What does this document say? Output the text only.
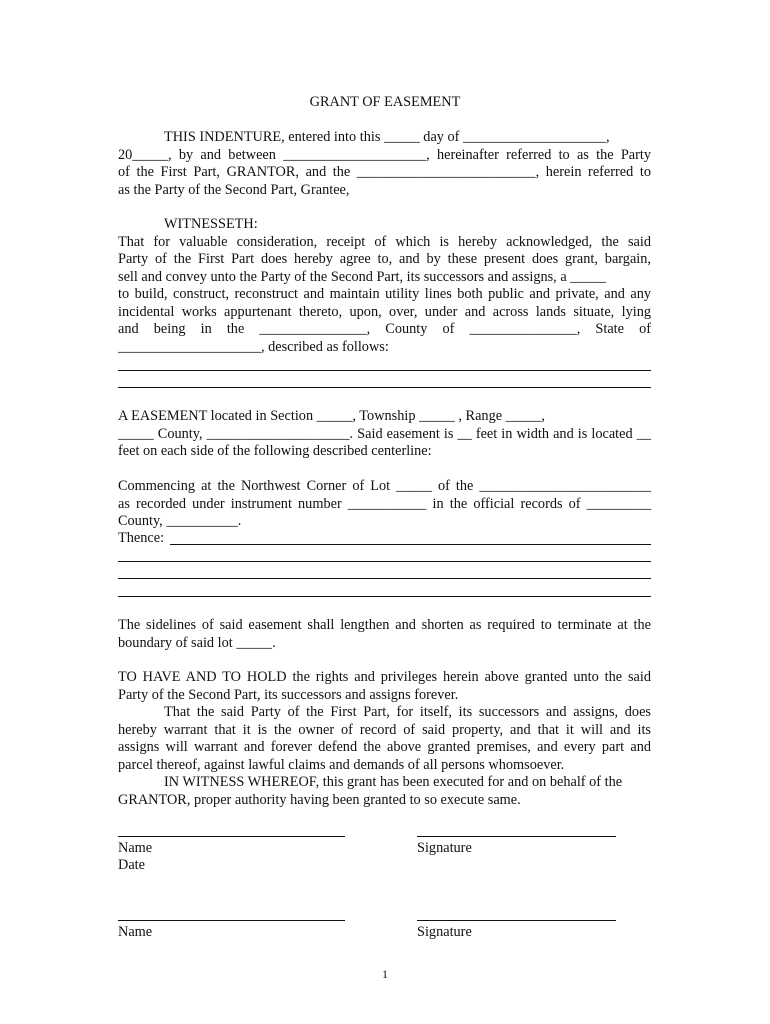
GRANT OF EASEMENT
THIS INDENTURE, entered into this _____ day of ____________________,
20_____, by and between ____________________, hereinafter referred to as the Party
of the First Part, GRANTOR, and the _________________________, herein referred to
as the Party of the Second Part, Grantee,
WITNESSETH:
That for valuable consideration, receipt of which is hereby acknowledged, the said
Party of the First Part does hereby agree to, and by these present does grant, bargain,
sell and convey unto the Party of the Second Part, its successors and assigns, a _____
to build, construct, reconstruct and maintain utility lines both public and private, and any
incidental works appurtenant thereto, upon, over, under and across lands situate, lying
and being in the _______________, County of _______________, State of
____________________, described as follows:
A EASEMENT located in Section _____, Township _____ , Range _____,
_____ County, ____________________. Said easement is __ feet in width and is located __
feet on each side of the following described centerline:
Commencing at the Northwest Corner of Lot _____ of the ________________________
as recorded under instrument number ___________ in the official records of _________
County, __________.
Thence:
The sidelines of said easement shall lengthen and shorten as required to terminate at the
boundary of said lot _____.
TO HAVE AND TO HOLD the rights and privileges herein above granted unto the said
Party of the Second Part, its successors and assigns forever.
That the said Party of the First Part, for itself, its successors and assigns, does
hereby warrant that it is the owner of record of said property, and that it will and its
assigns will warrant and forever defend the above granted premises, and every part and
parcel thereof, against lawful claims and demands of all persons whomsoever.
IN WITNESS WHEREOF, this grant has been executed for and on behalf of the
GRANTOR, proper authority having been granted to so execute same.
Name	Signature
Date
Name	Signature
1
